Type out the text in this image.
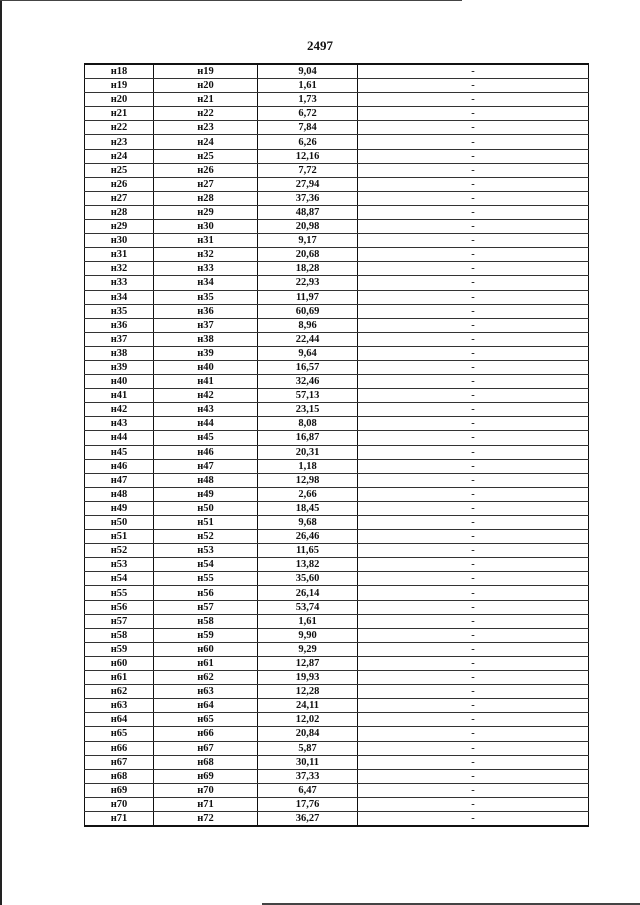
2497
н18	н19	9,04	-
н19	н20	1,61	-
н20	н21	1,73	-
н21	н22	6,72	-
н22	н23	7,84	-
н23	н24	6,26	-
н24	н25	12,16	-
н25	н26	7,72	-
н26	н27	27,94	-
н27	н28	37,36	-
н28	н29	48,87	-
н29	н30	20,98	-
н30	н31	9,17	-
н31	н32	20,68	-
н32	н33	18,28	-
н33	н34	22,93	-
н34	н35	11,97	-
н35	н36	60,69	-
н36	н37	8,96	-
н37	н38	22,44	-
н38	н39	9,64	-
н39	н40	16,57	-
н40	н41	32,46	-
н41	н42	57,13	-
н42	н43	23,15	-
н43	н44	8,08	-
н44	н45	16,87	-
н45	н46	20,31	-
н46	н47	1,18	-
н47	н48	12,98	-
н48	н49	2,66	-
н49	н50	18,45	-
н50	н51	9,68	-
н51	н52	26,46	-
н52	н53	11,65	-
н53	н54	13,82	-
н54	н55	35,60	-
н55	н56	26,14	-
н56	н57	53,74	-
н57	н58	1,61	-
н58	н59	9,90	-
н59	н60	9,29	-
н60	н61	12,87	-
н61	н62	19,93	-
н62	н63	12,28	-
н63	н64	24,11	-
н64	н65	12,02	-
н65	н66	20,84	-
н66	н67	5,87	-
н67	н68	30,11	-
н68	н69	37,33	-
н69	н70	6,47	-
н70	н71	17,76	-
н71	н72	36,27	-
